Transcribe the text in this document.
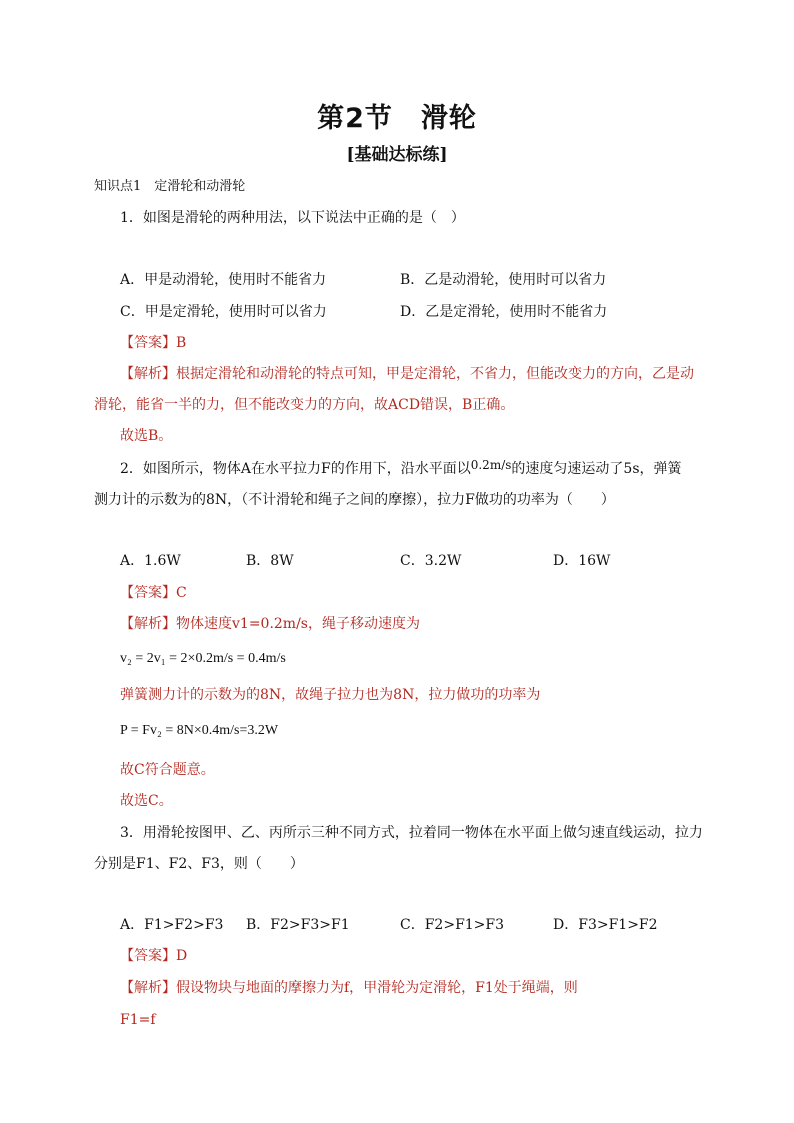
第2节　滑轮
[基础达标练]
知识点1　定滑轮和动滑轮
1．如图是滑轮的两种用法，以下说法中正确的是（　）
A．甲是动滑轮，使用时不能省力	B．乙是动滑轮，使用时可以省力
C．甲是定滑轮，使用时可以省力	D．乙是定滑轮，使用时不能省力
【答案】B
【解析】根据定滑轮和动滑轮的特点可知，甲是定滑轮，不省力，但能改变力的方向，乙是动
滑轮，能省一半的力，但不能改变力的方向，故ACD错误，B正确。
故选B。
2．如图所示，物体A在水平拉力F的作用下，沿水平面以0.2m/s的速度匀速运动了5s，弹簧
测力计的示数为的8N，（不计滑轮和绳子之间的摩擦），拉力F做功的功率为（　　）
A．1.6W	B．8W	C．3.2W	D．16W
【答案】C
【解析】物体速度v1=0.2m/s，绳子移动速度为
v₂ = 2v₁ = 2×0.2m/s = 0.4m/s
弹簧测力计的示数为的8N，故绳子拉力也为8N，拉力做功的功率为
P = Fv₂ = 8N×0.4m/s=3.2W
故C符合题意。
故选C。
3．用滑轮按图甲、乙、丙所示三种不同方式，拉着同一物体在水平面上做匀速直线运动，拉力
分别是F1、F2、F3，则（　　）
A．F1>F2>F3 B．F2>F3>F1	C．F2>F1>F3	D．F3>F1>F2
【答案】D
【解析】假设物块与地面的摩擦力为f，甲滑轮为定滑轮，F1处于绳端，则
F1=f
